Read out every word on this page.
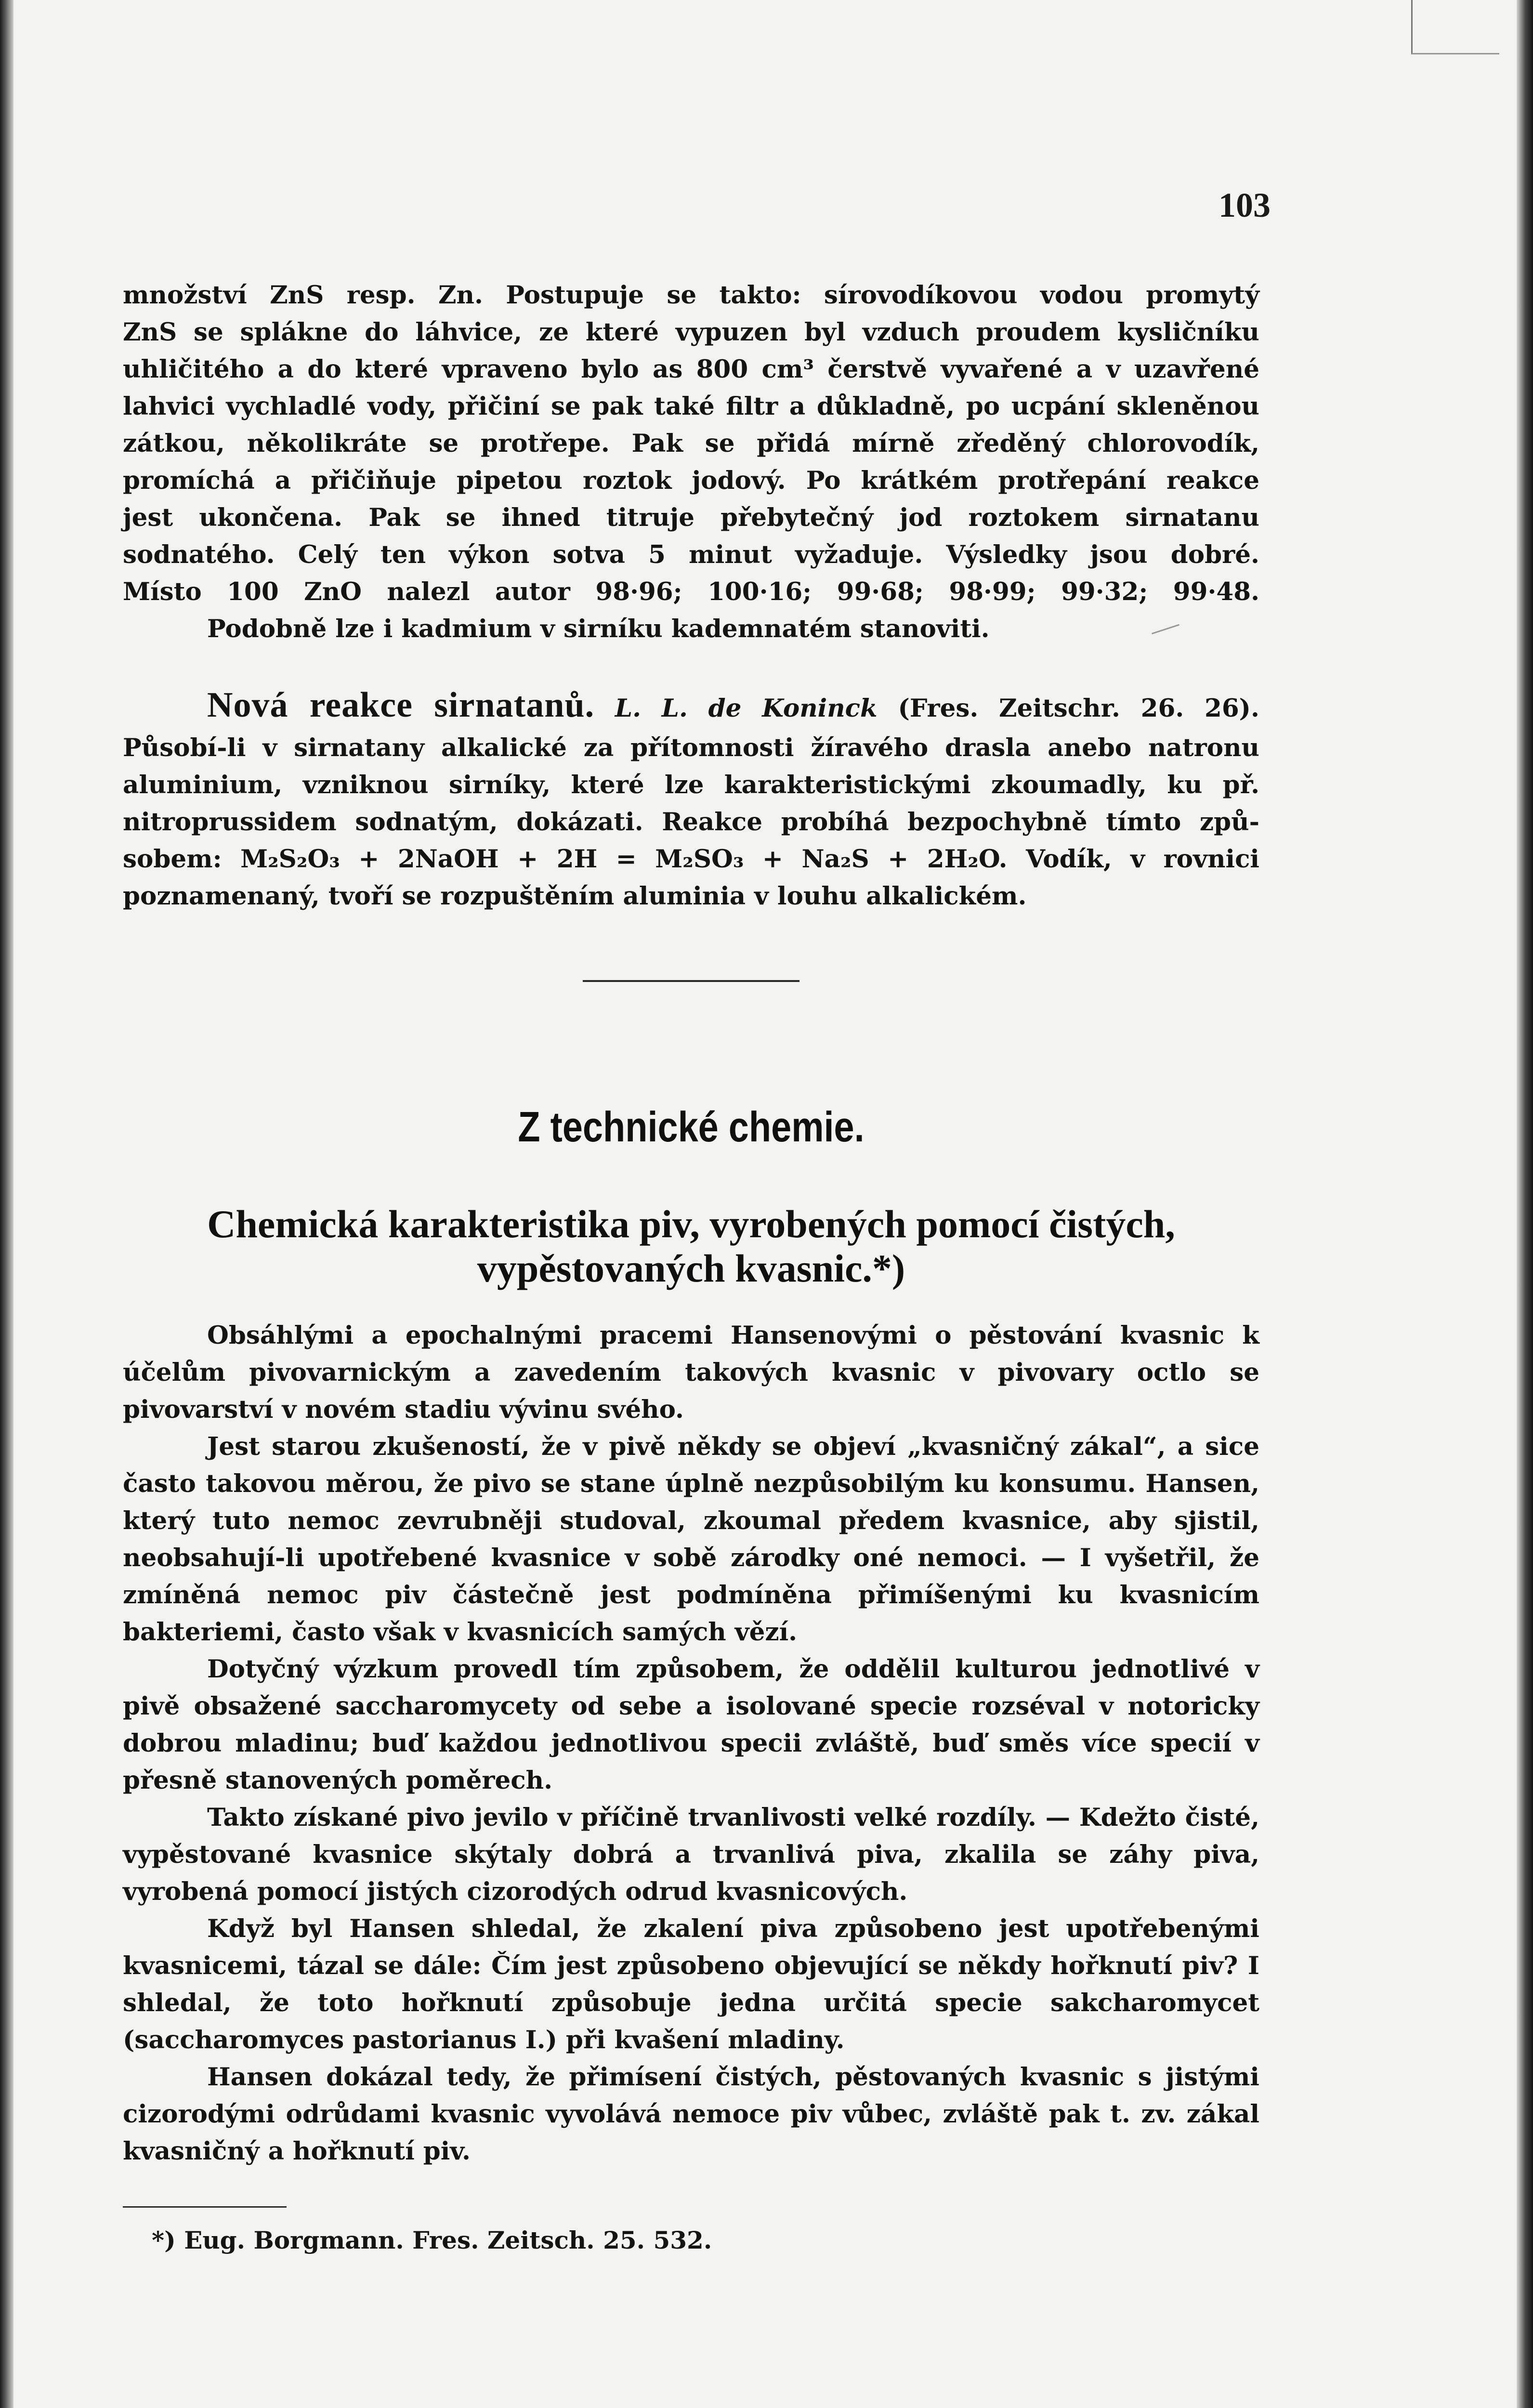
103

množství ZnS resp. Zn. Postupuje se takto: sírovodíkovou vodou promytý

ZnS se splákne do láhvice, ze které vypuzen byl vzduch proudem kysličníku

uhličitého a do které vpraveno bylo as 800 cm³ čerstvě vyvařené a v uzavřené

lahvici vychladlé vody, přičiní se pak také filtr a důkladně, po ucpání skleněnou

zátkou, několikráte se protřepe. Pak se přidá mírně zředěný chlorovodík,

promíchá a přičiňuje pipetou roztok jodový. Po krátkém protřepání reakce

jest ukončena. Pak se ihned titruje přebytečný jod roztokem sirnatanu

sodnatého. Celý ten výkon sotva 5 minut vyžaduje. Výsledky jsou dobré.

Místo 100 ZnO nalezl autor 98·96; 100·16; 99·68; 98·99; 99·32; 99·48.

Podobně lze i kadmium v sirníku kademnatém stanoviti.

Nová reakce sirnatanů. L. L. de Koninck (Fres. Zeitschr. 26. 26).

Působí-li v sirnatany alkalické za přítomnosti žíravého drasla anebo natronu

aluminium, vzniknou sirníky, které lze karakteristickými zkoumadly, ku př.

nitroprussidem sodnatým, dokázati. Reakce probíhá bezpochybně tímto způ-

sobem: M₂S₂O₃ + 2NaOH + 2H = M₂SO₃ + Na₂S + 2H₂O. Vodík, v rovnici

poznamenaný, tvoří se rozpuštěním aluminia v louhu alkalickém.

Z technické chemie.
Chemická karakteristika piv, vyrobených pomocí čistých,
vypěstovaných kvasnic.*)

Obsáhlými a epochalnými pracemi Hansenovými o pěstování kvasnic k účelům pivovarnickým a zavedením takových kvasnic v pivovary octlo se pivovarství v novém stadiu vývinu svého.

Jest starou zkušeností, že v pivě někdy se objeví „kvasničný zákal“, a sice často takovou měrou, že pivo se stane úplně nezpůsobilým ku konsumu. Hansen, který tuto nemoc zevrubněji studoval, zkoumal předem kvasnice, aby sjistil, neobsahují-li upotřebené kvasnice v sobě zárodky oné nemoci. — I vyšetřil, že zmíněná nemoc piv částečně jest podmíněna přimíšenými ku kvasnicím bakteriemi, často však v kvasnicích samých vězí.

Dotyčný výzkum provedl tím způsobem, že oddělil kulturou jednotlivé v pivě obsažené saccharomycety od sebe a isolované specie rozséval v notoricky dobrou mladinu; buď každou jednotlivou specii zvláště, buď směs více specií v přesně stanovených poměrech.

Takto získané pivo jevilo v příčině trvanlivosti velké rozdíly. — Kdežto čisté, vypěstované kvasnice skýtaly dobrá a trvanlivá piva, zkalila se záhy piva, vyrobená pomocí jistých cizorodých odrud kvasnicových.

Když byl Hansen shledal, že zkalení piva způsobeno jest upotřebenými kvasnicemi, tázal se dále: Čím jest způsobeno objevující se někdy hořknutí piv? I shledal, že toto hořknutí způsobuje jedna určitá specie sakcharomycet (saccharomyces pastorianus I.) při kvašení mladiny.

Hansen dokázal tedy, že přimísení čistých, pěstovaných kvasnic s jistými cizorodými odrůdami kvasnic vyvolává nemoce piv vůbec, zvláště pak t. zv. zákal kvasničný a hořknutí piv.

*) Eug. Borgmann. Fres. Zeitsch. 25. 532.
